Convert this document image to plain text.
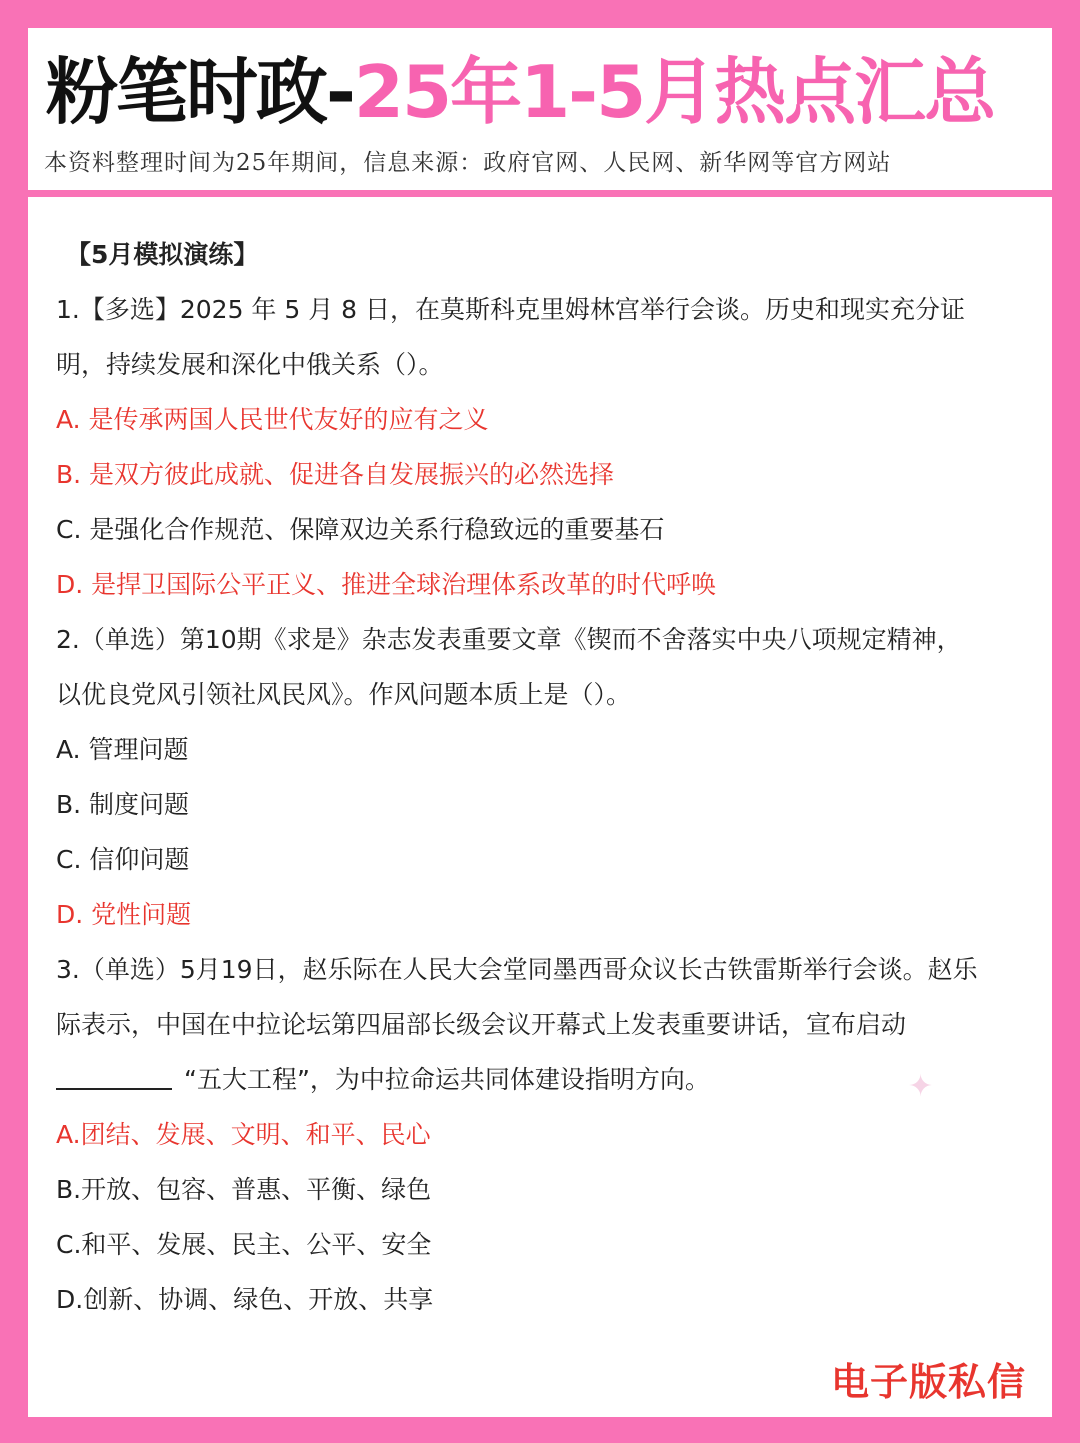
粉笔时政-25年1-5月热点汇总
本资料整理时间为25年期间，信息来源：政府官网、人民网、新华网等官方网站
【5月模拟演练】
1.【多选】2025 年 5 月 8 日，在莫斯科克里姆林宫举行会谈。历史和现实充分证
明，持续发展和深化中俄关系（）。
A. 是传承两国人民世代友好的应有之义
B. 是双方彼此成就、促进各自发展振兴的必然选择
C. 是强化合作规范、保障双边关系行稳致远的重要基石
D. 是捍卫国际公平正义、推进全球治理体系改革的时代呼唤
2.（单选）第10期《求是》杂志发表重要文章《锲而不舍落实中央八项规定精神，
以优良党风引领社风民风》。作风问题本质上是（）。
A. 管理问题
B. 制度问题
C. 信仰问题
D. 党性问题
3.（单选）5月19日，赵乐际在人民大会堂同墨西哥众议长古铁雷斯举行会谈。赵乐
际表示，中国在中拉论坛第四届部长级会议开幕式上发表重要讲话，宣布启动
“五大工程”，为中拉命运共同体建设指明方向。
A.团结、发展、文明、和平、民心
B.开放、包容、普惠、平衡、绿色
C.和平、发展、民主、公平、安全
D.创新、协调、绿色、开放、共享
✦
电子版私信
